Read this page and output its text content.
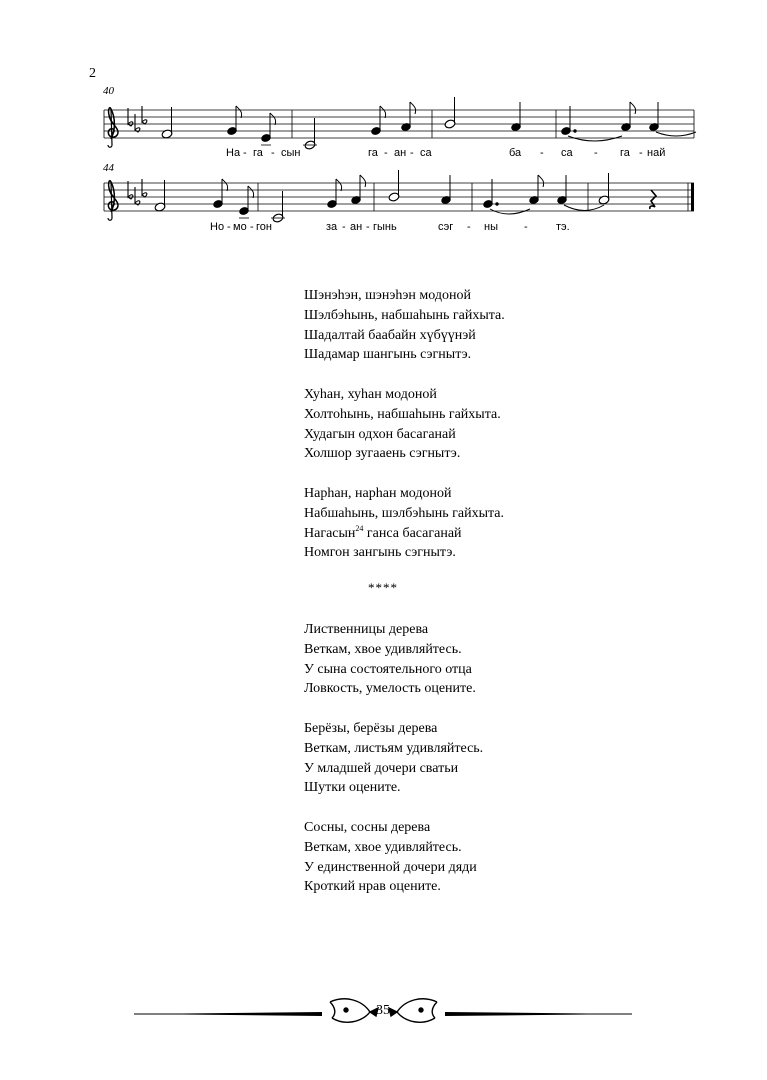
2
40
44
На - га - сын	га - ан - са	ба - са - га - най
Но - мо - гон	за - ан - гынь	сэг - ны -	тэ.
Шэнэһэн, шэнэһэн модоной
Шэлбэһынь, набшаһынь гайхыта.
Шадалтай баабайн хүбүүнэй
Шадамар шангынь сэгнытэ.
Хуһан, хуһан модоной
Холтоһынь, набшаһынь гайхыта.
Худагын одхон басаганай
Холшор зугааень сэгнытэ.
Нарһан, нарһан модоной
Набшаһынь, шэлбэһынь гайхыта.
Нагасын$^{24}$ ганса басаганай
Номгон зангынь сэгнытэ.
****
Лиственницы дерева
Веткам, хвое удивляйтесь.
У сына состоятельного отца
Ловкость, умелость оцените.
Берёзы, берёзы дерева
Веткам, листьям удивляйтесь.
У младшей дочери сватьи
Шутки оцените.
Сосны, сосны дерева
Веткам, хвое удивляйтесь.
У единственной дочери дяди
Кроткий нрав оцените.
35
